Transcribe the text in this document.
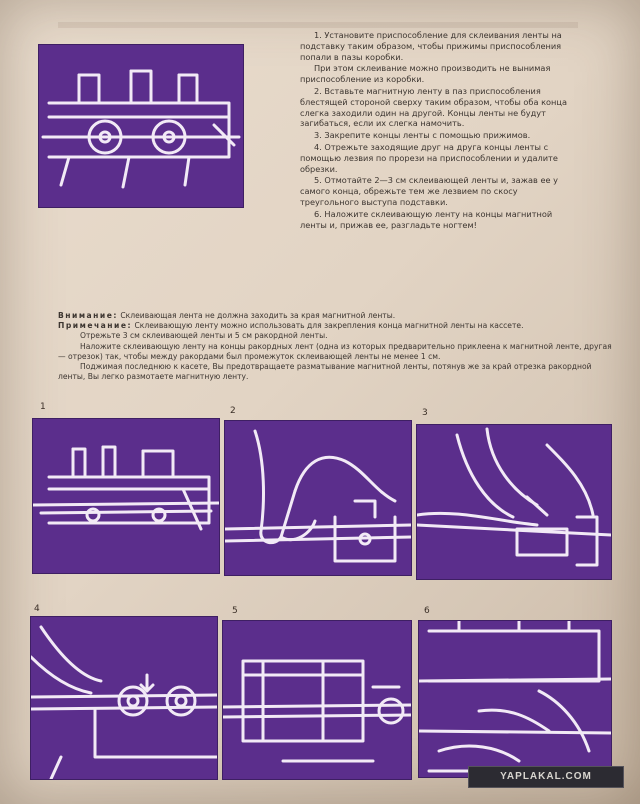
1. Установите приспособление для склеивания ленты на подставку таким образом, чтобы прижимы приспособления попали в пазы коробки.

При этом склеивание можно производить не вынимая приспособление из коробки.

2. Вставьте магнитную ленту в паз приспособления блестящей стороной сверху таким образом, чтобы оба конца слегка заходили один на другой. Концы ленты не будут загибаться, если их слегка намочить.

3. Закрепите концы ленты с помощью прижимов.

4. Отрежьте заходящие друг на друга концы ленты с помощью лезвия по прорези на приспособлении и удалите обрезки.

5. Отмотайте 2—3 см склеивающей ленты и, зажав ее у самого конца, обрежьте тем же лезвием по скосу треугольного выступа подставки.

6. Наложите склеивающую ленту на концы магнитной ленты и, прижав ее, разгладьте ногтем!

Внимание: Склеивающая лента не должна заходить за края магнитной ленты.

Примечание: Склеивающую ленту можно использовать для закрепления конца магнитной ленты на кассете.

Отрежьте 3 см склеивающей ленты и 5 см ракордной ленты.

Наложите склеивающую ленту на концы ракордных лент (одна из которых предварительно приклеена к магнитной ленте, другая — отрезок) так, чтобы между ракордами был промежуток склеивающей ленты не менее 1 см.

Поджимая последнюю к касете, Вы предотвращаете разматывание магнитной ленты, потянув же за край отрезка ракордной ленты, Вы легко размотаете магнитную ленту.

1	2	3
4	5	6
YAPLAKAL.COM
